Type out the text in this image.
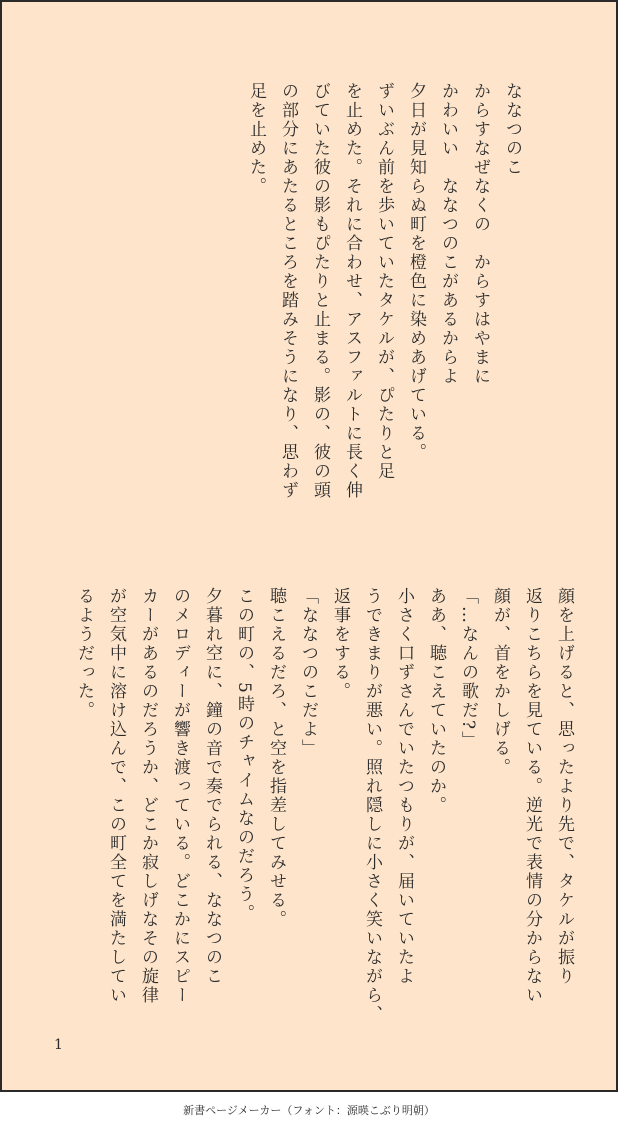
ななつのこ

からすなぜなくの　からすはやまに

かわいい　ななつのこがあるからよ

夕日が見知らぬ町を橙色に染めあげている。

ずいぶん前を歩いていたタケルが、ぴたりと足

を止めた。それに合わせ、アスファルトに長く伸

びていた彼の影もぴたりと止まる。影の、彼の頭

の部分にあたるところを踏みそうになり、思わず

足を止めた。

顔を上げると、思ったより先で、タケルが振り

返りこちらを見ている。逆光で表情の分からない

顔が、首をかしげる。

「…なんの歌だ?」

ああ、聴こえていたのか。

小さく口ずさんでいたつもりが、届いていたよ

うできまりが悪い。照れ隠しに小さく笑いながら、

返事をする。

「ななつのこだよ」

聴こえるだろ、と空を指差してみせる。

この町の、5時のチャイムなのだろう。

夕暮れ空に、鐘の音で奏でられる、ななつのこ

のメロディーが響き渡っている。どこかにスピー

カーがあるのだろうか、どこか寂しげなその旋律

が空気中に溶け込んで、この町全てを満たしてい

るようだった。

1
新書ページメーカー（フォント：源暎こぶり明朝）
